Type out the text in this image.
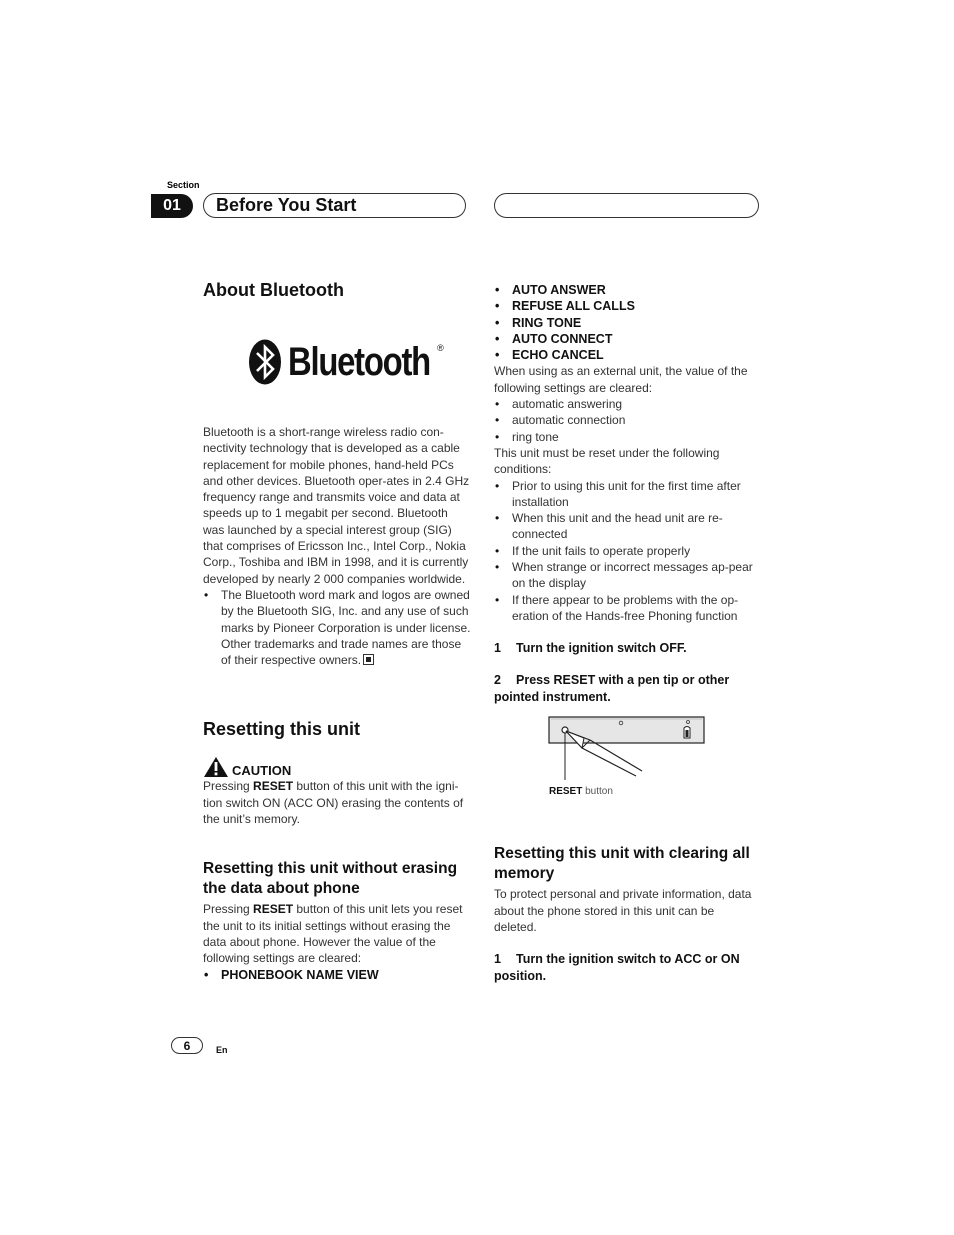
Section
01	Before You Start
About Bluetooth
Bluetooth ®

Bluetooth is a short-range wireless radio con-nectivity technology that is developed as a cable replacement for mobile phones, hand-held PCs and other devices. Bluetooth oper-ates in 2.4 GHz frequency range and transmits voice and data at speeds up to 1 megabit per second. Bluetooth was launched by a special interest group (SIG) that comprises of Ericsson Inc., Intel Corp., Nokia Corp., Toshiba and IBM in 1998, and it is currently developed by nearly 2 000 companies worldwide.

• The Bluetooth word mark and logos are owned by the Bluetooth SIG, Inc. and any use of such marks by Pioneer Corporation is under license. Other trademarks and trade names are those of their respective owners.
Resetting this unit
CAUTION

Pressing RESET button of this unit with the igni-tion switch ON (ACC ON) erasing the contents of the unit’s memory.

Resetting this unit without erasing the data about phone

Pressing RESET button of this unit lets you reset the unit to its initial settings without erasing the data about phone. However the value of the following settings are cleared:

• PHONEBOOK NAME VIEW
• AUTO ANSWER
• REFUSE ALL CALLS
• RING TONE
• AUTO CONNECT
• ECHO CANCEL

When using as an external unit, the value of the following settings are cleared:

• automatic answering
• automatic connection
• ring tone

This unit must be reset under the following conditions:

• Prior to using this unit for the first time after installation
• When this unit and the head unit are re-connected
• If the unit fails to operate properly
• When strange or incorrect messages ap-pear on the display
• If there appear to be problems with the op-eration of the Hands-free Phoning function

1 Turn the ignition switch OFF.

2 Press RESET with a pen tip or other pointed instrument.

RESET button
Resetting this unit with clearing all memory

To protect personal and private information, data about the phone stored in this unit can be deleted.

1 Turn the ignition switch to ACC or ON position.

6	En
